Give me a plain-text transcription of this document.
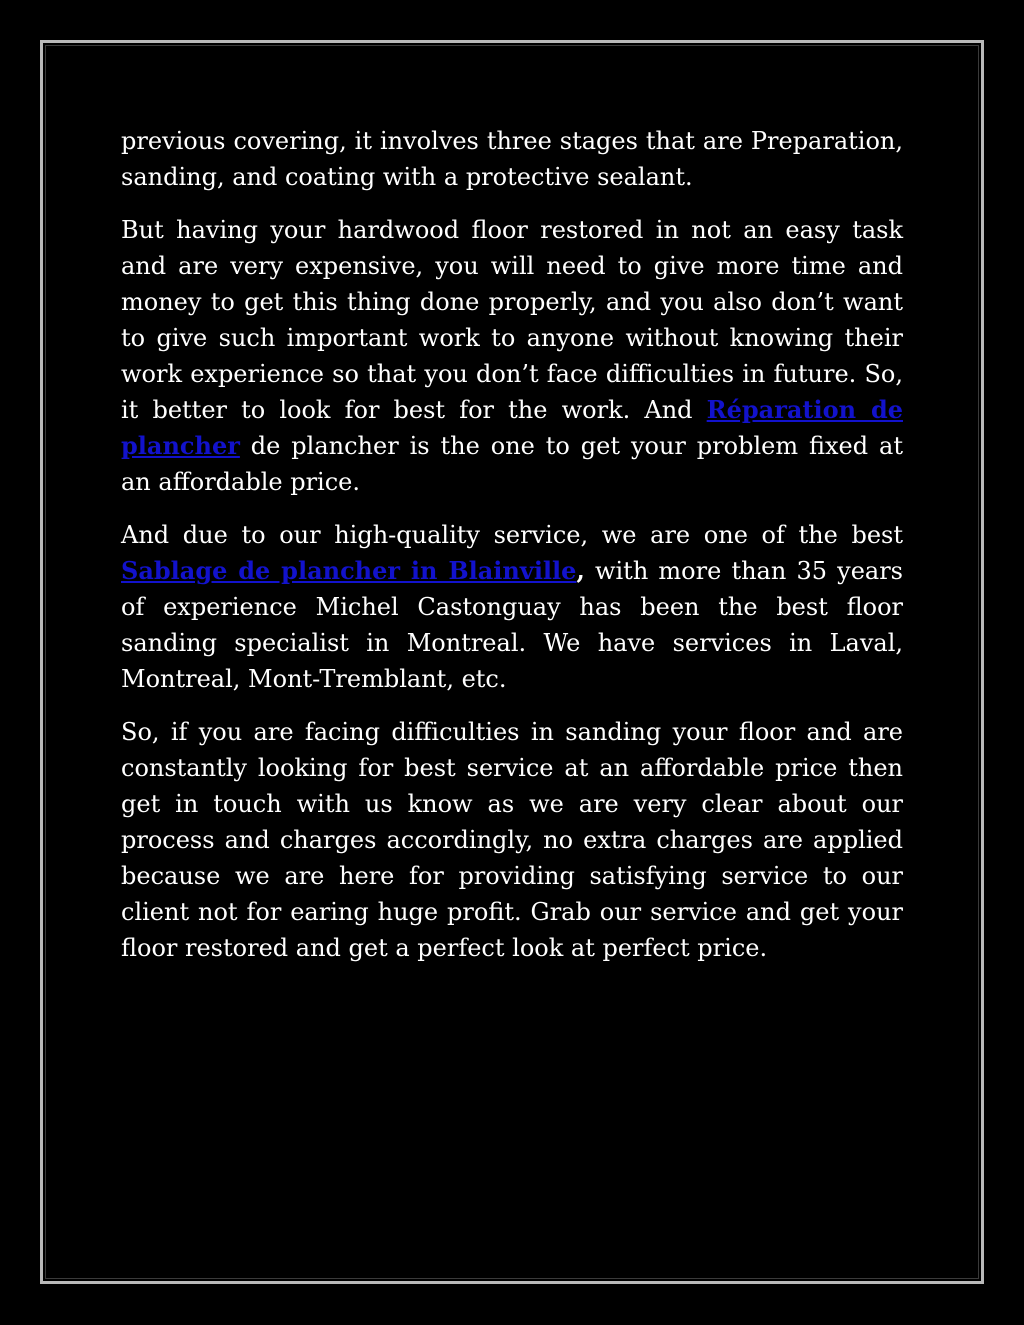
previous covering, it involves three stages that are Preparation, sanding, and coating with a protective sealant.

But having your hardwood floor restored in not an easy task and are very expensive, you will need to give more time and money to get this thing done properly, and you also don’t want to give such important work to anyone without knowing their work experience so that you don’t face difficulties in future. So, it better to look for best for the work. And Réparation de plancher de plancher is the one to get your problem fixed at an affordable price.

And due to our high-quality service, we are one of the best Sablage de plancher in Blainville, with more than 35 years of experience Michel Castonguay has been the best floor sanding specialist in Montreal. We have services in Laval, Montreal, Mont-Tremblant, etc.

So, if you are facing difficulties in sanding your floor and are constantly looking for best service at an affordable price then get in touch with us know as we are very clear about our process and charges accordingly, no extra charges are applied because we are here for providing satisfying service to our client not for earing huge profit. Grab our service and get your floor restored and get a perfect look at perfect price.
